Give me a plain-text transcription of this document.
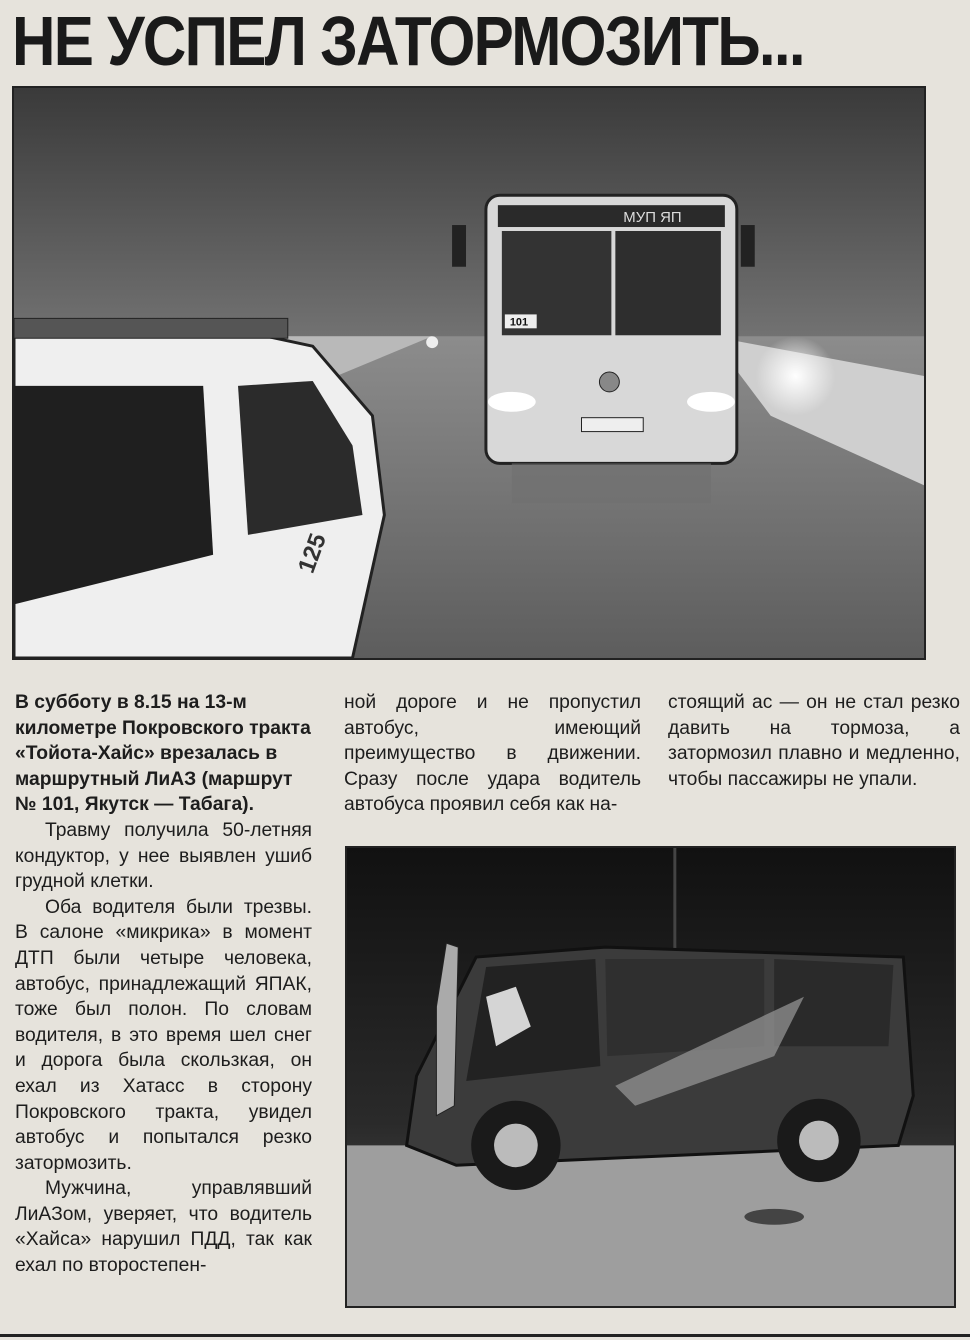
НЕ УСПЕЛ ЗАТОРМОЗИТЬ...
101
МУП ЯП
125

В субботу в 8.15 на 13-м километре Покровского тракта «Тойота-Хайс» врезалась в маршрутный ЛиАЗ (маршрут № 101, Якутск — Табага).

Травму получила 50-летняя кондуктор, у нее выявлен ушиб грудной клетки.

Оба водителя были трезвы. В салоне «микрика» в момент ДТП были четыре человека, автобус, принадлежащий ЯПАК, тоже был полон. По словам водителя, в это время шел снег и дорога была скользкая, он ехал из Хатасс в сторону Покровского тракта, увидел автобус и попытался резко затормозить.

Мужчина, управлявший ЛиАЗом, уверяет, что водитель «Хайса» нарушил ПДД, так как ехал по второстепен-

ной дороге и не пропустил автобус, имеющий преимущество в движении. Сразу после удара водитель автобуса проявил себя как на-

стоящий ас — он не стал резко давить на тормоза, а затормозил плавно и медленно, чтобы пассажиры не упали.
